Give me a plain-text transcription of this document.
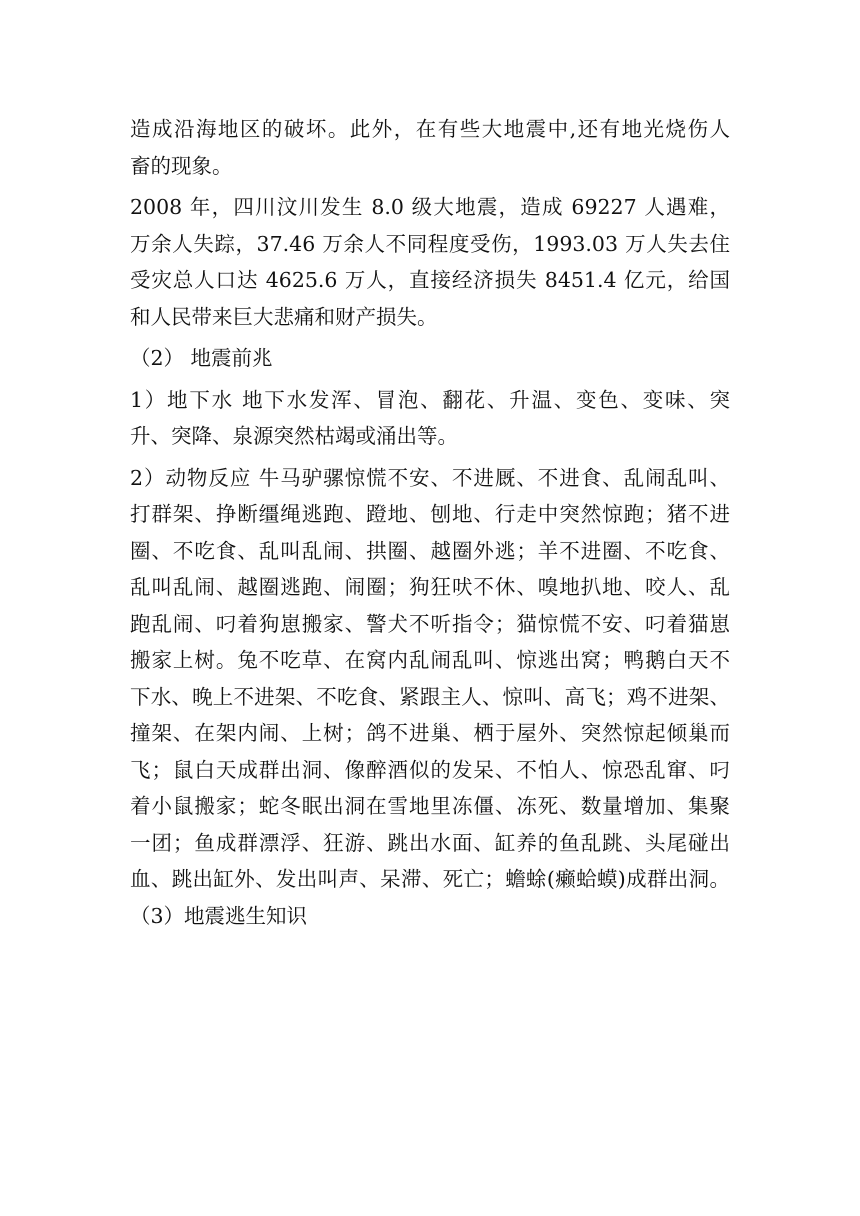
造成沿海地区的破坏。此外，在有些大地震中,还有地光烧伤人
畜的现象。
2008 年，四川汶川发生 8.0 级大地震，造成 69227 人遇难，
万余人失踪，37.46 万余人不同程度受伤，1993.03 万人失去住
受灾总人口达 4625.6 万人，直接经济损失 8451.4 亿元，给国
和人民带来巨大悲痛和财产损失。
（2） 地震前兆
1）地下水 地下水发浑、冒泡、翻花、升温、变色、变味、突
升、突降、泉源突然枯竭或涌出等。
2）动物反应 牛马驴骡惊慌不安、不进厩、不进食、乱闹乱叫、
打群架、挣断缰绳逃跑、蹬地、刨地、行走中突然惊跑；猪不进
圈、不吃食、乱叫乱闹、拱圈、越圈外逃；羊不进圈、不吃食、
乱叫乱闹、越圈逃跑、闹圈；狗狂吠不休、嗅地扒地、咬人、乱
跑乱闹、叼着狗崽搬家、警犬不听指令；猫惊慌不安、叼着猫崽
搬家上树。兔不吃草、在窝内乱闹乱叫、惊逃出窝；鸭鹅白天不
下水、晚上不进架、不吃食、紧跟主人、惊叫、高飞；鸡不进架、
撞架、在架内闹、上树；鸽不进巢、栖于屋外、突然惊起倾巢而
飞；鼠白天成群出洞、像醉酒似的发呆、不怕人、惊恐乱窜、叼
着小鼠搬家；蛇冬眠出洞在雪地里冻僵、冻死、数量增加、集聚
一团；鱼成群漂浮、狂游、跳出水面、缸养的鱼乱跳、头尾碰出
血、跳出缸外、发出叫声、呆滞、死亡；蟾蜍(癞蛤蟆)成群出洞。
（3）地震逃生知识
